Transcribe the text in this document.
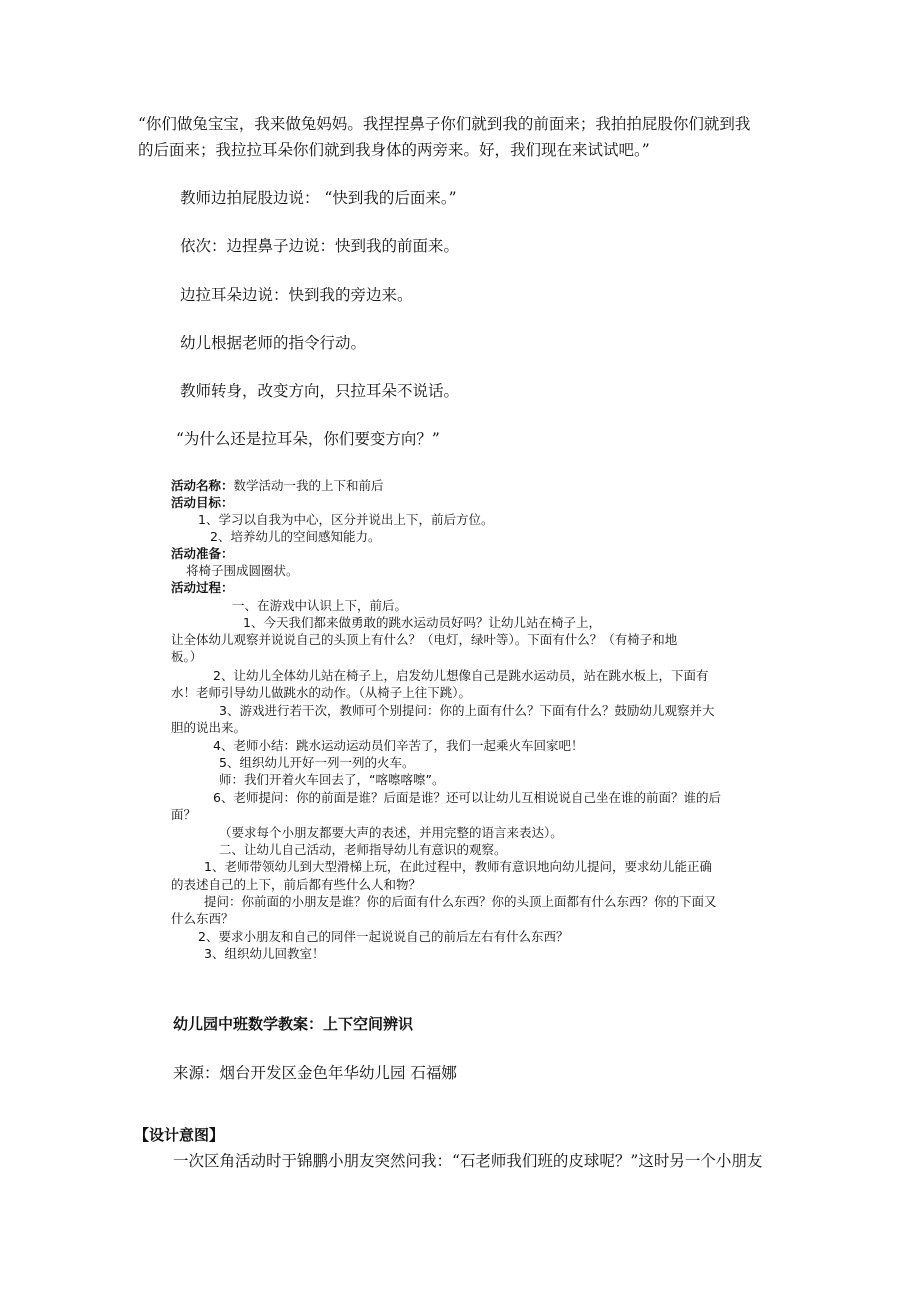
“你们做兔宝宝，我来做兔妈妈。我捏捏鼻子你们就到我的前面来；我拍拍屁股你们就到我
的后面来；我拉拉耳朵你们就到我身体的两旁来。好，我们现在来试试吧。”
教师边拍屁股边说： “快到我的后面来。”
依次：边捏鼻子边说：快到我的前面来。
边拉耳朵边说：快到我的旁边来。
幼儿根据老师的指令行动。
教师转身，改变方向，只拉耳朵不说话。
“为什么还是拉耳朵，你们要变方向？”
活动名称：数学活动一我的上下和前后
活动目标：
1、学习以自我为中心，区分并说出上下，前后方位。
2、培养幼儿的空间感知能力。
活动准备：
将椅子围成圆圈状。
活动过程：
一、在游戏中认识上下，前后。
1、今天我们都来做勇敢的跳水运动员好吗？让幼儿站在椅子上，
让全体幼儿观察并说说自己的头顶上有什么？（电灯，绿叶等）。下面有什么？（有椅子和地
板。）
2、让幼儿全体幼儿站在椅子上，启发幼儿想像自己是跳水运动员，站在跳水板上，下面有
水！老师引导幼儿做跳水的动作。（从椅子上往下跳）。
3、游戏进行若干次，教师可个别提问：你的上面有什么？下面有什么？鼓励幼儿观察并大
胆的说出来。
4、老师小结：跳水运动运动员们辛苦了，我们一起乘火车回家吧！
5、组织幼儿开好一列一列的火车。
师：我们开着火车回去了，“喀嚓喀嚓”。
6、老师提问：你的前面是谁？后面是谁？还可以让幼儿互相说说自己坐在谁的前面？谁的后
面？
（要求每个小朋友都要大声的表述，并用完整的语言来表达）。
二、让幼儿自己活动，老师指导幼儿有意识的观察。
1、老师带领幼儿到大型滑梯上玩，在此过程中，教师有意识地向幼儿提问，要求幼儿能正确
的表述自己的上下，前后都有些什么人和物？
提问：你前面的小朋友是谁？你的后面有什么东西？你的头顶上面都有什么东西？你的下面又
什么东西？
2、要求小朋友和自己的同伴一起说说自己的前后左右有什么东西？
3、组织幼儿回教室！
幼儿园中班数学教案：上下空间辨识
来源：烟台开发区金色年华幼儿园 石福娜
【设计意图】
一次区角活动时于锦鹏小朋友突然问我：“石老师我们班的皮球呢？”这时另一个小朋友
